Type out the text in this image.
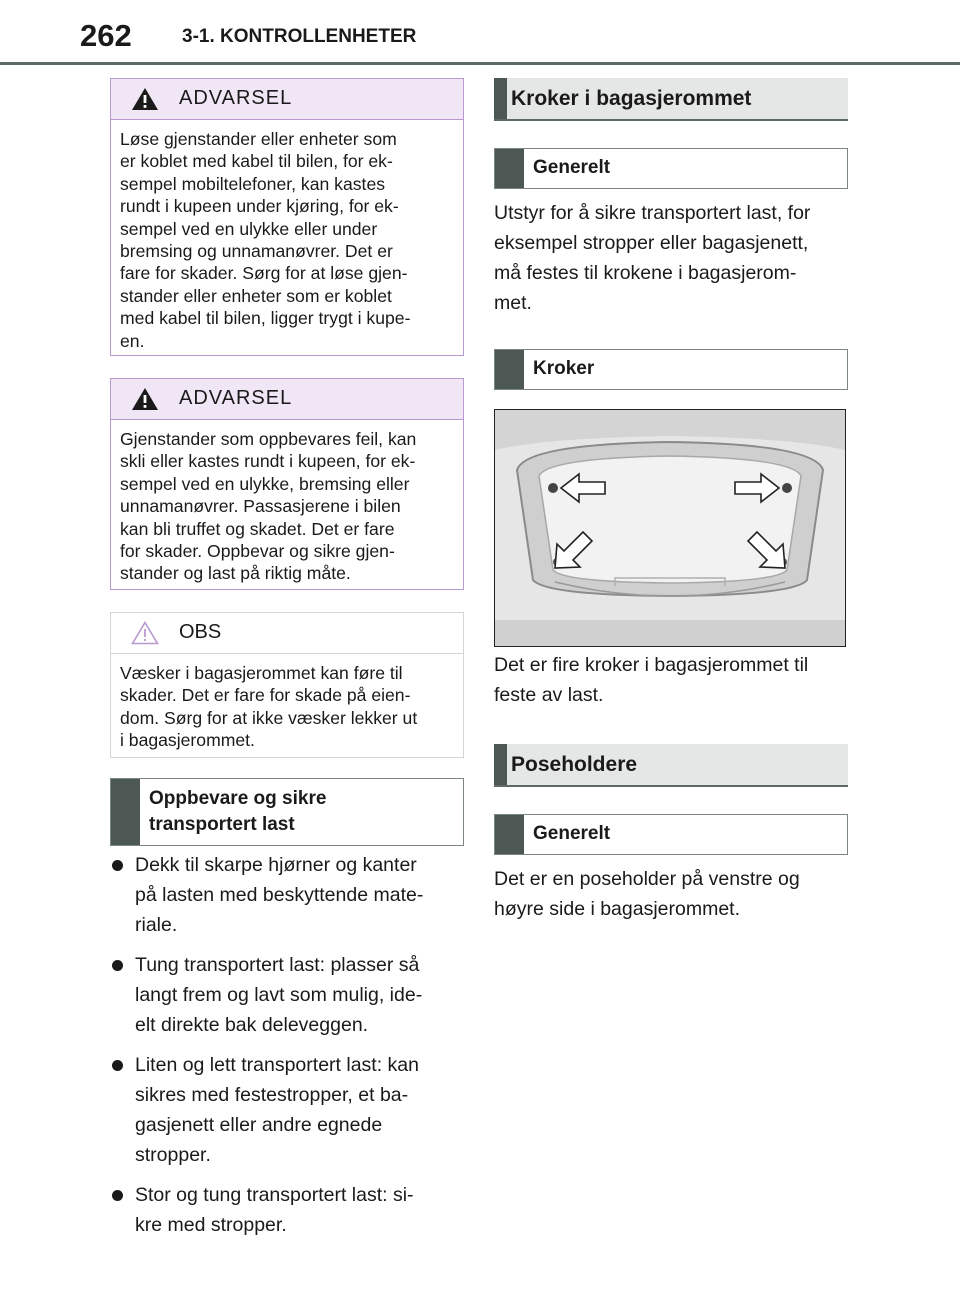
262	3-1. KONTROLLENHETER
ADVARSEL
Løse gjenstander eller enheter som
er koblet med kabel til bilen, for ek-
sempel mobiltelefoner, kan kastes
rundt i kupeen under kjøring, for ek-
sempel ved en ulykke eller under
bremsing og unnamanøvrer. Det er
fare for skader. Sørg for at løse gjen-
stander eller enheter som er koblet
med kabel til bilen, ligger trygt i kupe-
en.
ADVARSEL
Gjenstander som oppbevares feil, kan
skli eller kastes rundt i kupeen, for ek-
sempel ved en ulykke, bremsing eller
unnamanøvrer. Passasjerene i bilen
kan bli truffet og skadet. Det er fare
for skader. Oppbevar og sikre gjen-
stander og last på riktig måte.
OBS
Væsker i bagasjerommet kan føre til
skader. Det er fare for skade på eien-
dom. Sørg for at ikke væsker lekker ut
i bagasjerommet.
Oppbevare og sikre
transportert last
Dekk til skarpe hjørner og kanter
på lasten med beskyttende mate-
riale.
Tung transportert last: plasser så
langt frem og lavt som mulig, ide-
elt direkte bak deleveggen.
Liten og lett transportert last: kan
sikres med festestropper, et ba-
gasjenett eller andre egnede
stropper.
Stor og tung transportert last: si-
kre med stropper.
Kroker i bagasjerommet
Generelt
Utstyr for å sikre transportert last, for
eksempel stropper eller bagasjenett,
må festes til krokene i bagasjerom-
met.
Kroker
Det er fire kroker i bagasjerommet til
feste av last.
Poseholdere
Generelt
Det er en poseholder på venstre og
høyre side i bagasjerommet.
